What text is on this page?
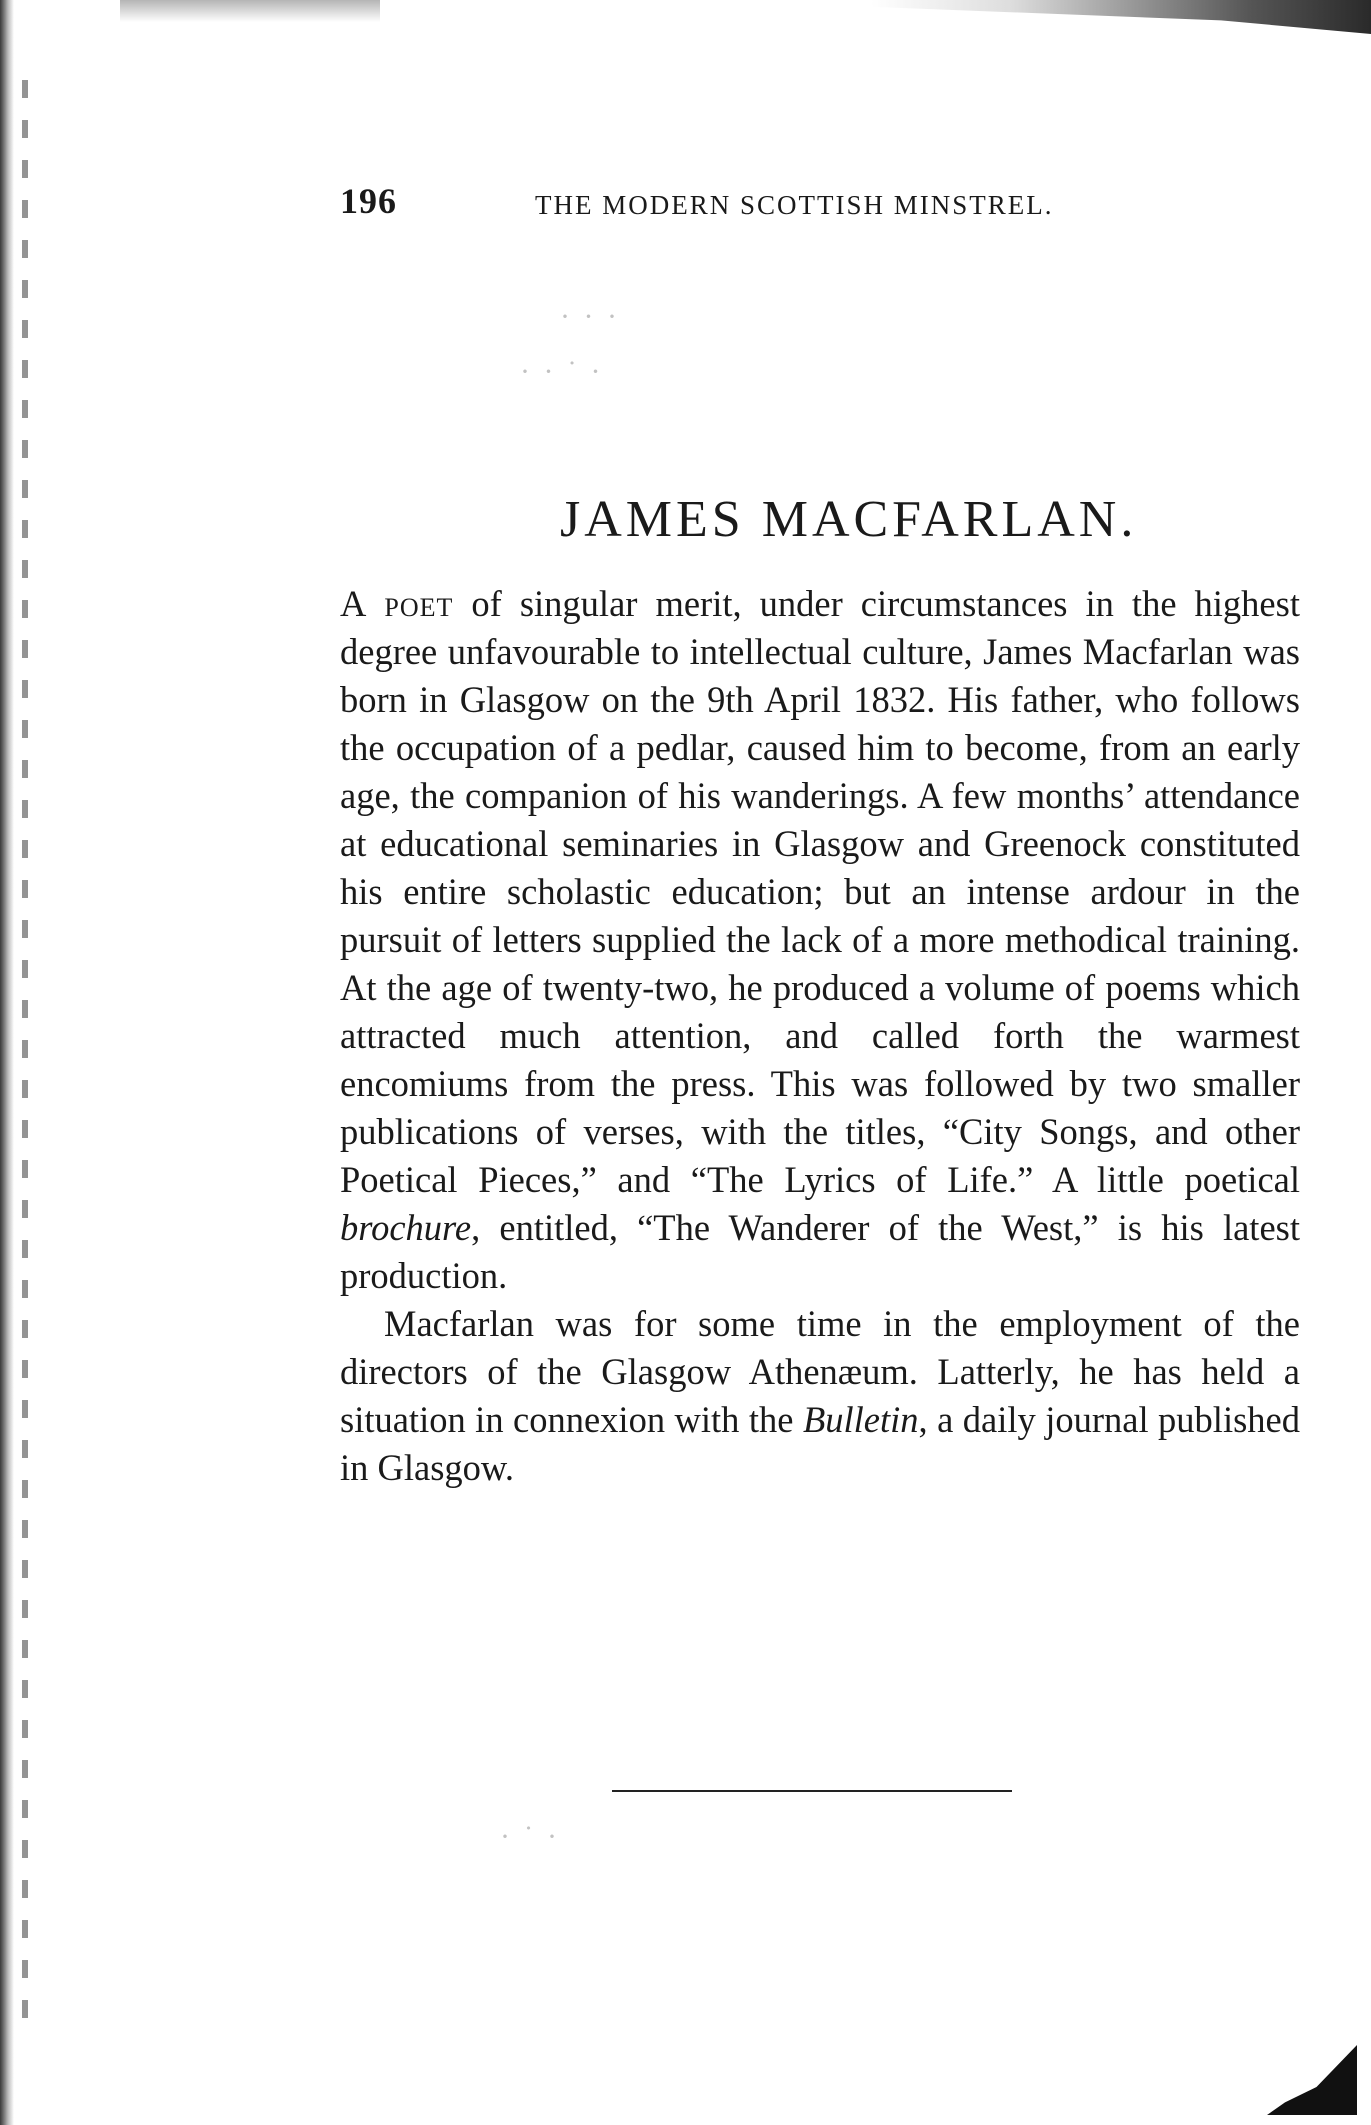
· · ·
· · ˙ ·
· ˙ ·
196	THE MODERN SCOTTISH MINSTREL.
JAMES MACFARLAN.

A poet of singular merit, under circumstances in the highest degree unfavourable to intellectual culture, James Macfarlan was born in Glasgow on the 9th April 1832. His father, who follows the occupation of a pedlar, caused him to become, from an early age, the companion of his wanderings. A few months’ attendance at educational seminaries in Glasgow and Greenock constituted his entire scholastic education; but an intense ardour in the pursuit of letters supplied the lack of a more methodical training. At the age of twenty-two, he produced a volume of poems which attracted much attention, and called forth the warmest encomiums from the press. This was followed by two smaller publications of verses, with the titles, “City Songs, and other Poetical Pieces,” and “The Lyrics of Life.” A little poetical brochure, entitled, “The Wanderer of the West,” is his latest production.

Macfarlan was for some time in the employment of the directors of the Glasgow Athenæum. Latterly, he has held a situation in connexion with the Bulletin, a daily journal published in Glasgow.
